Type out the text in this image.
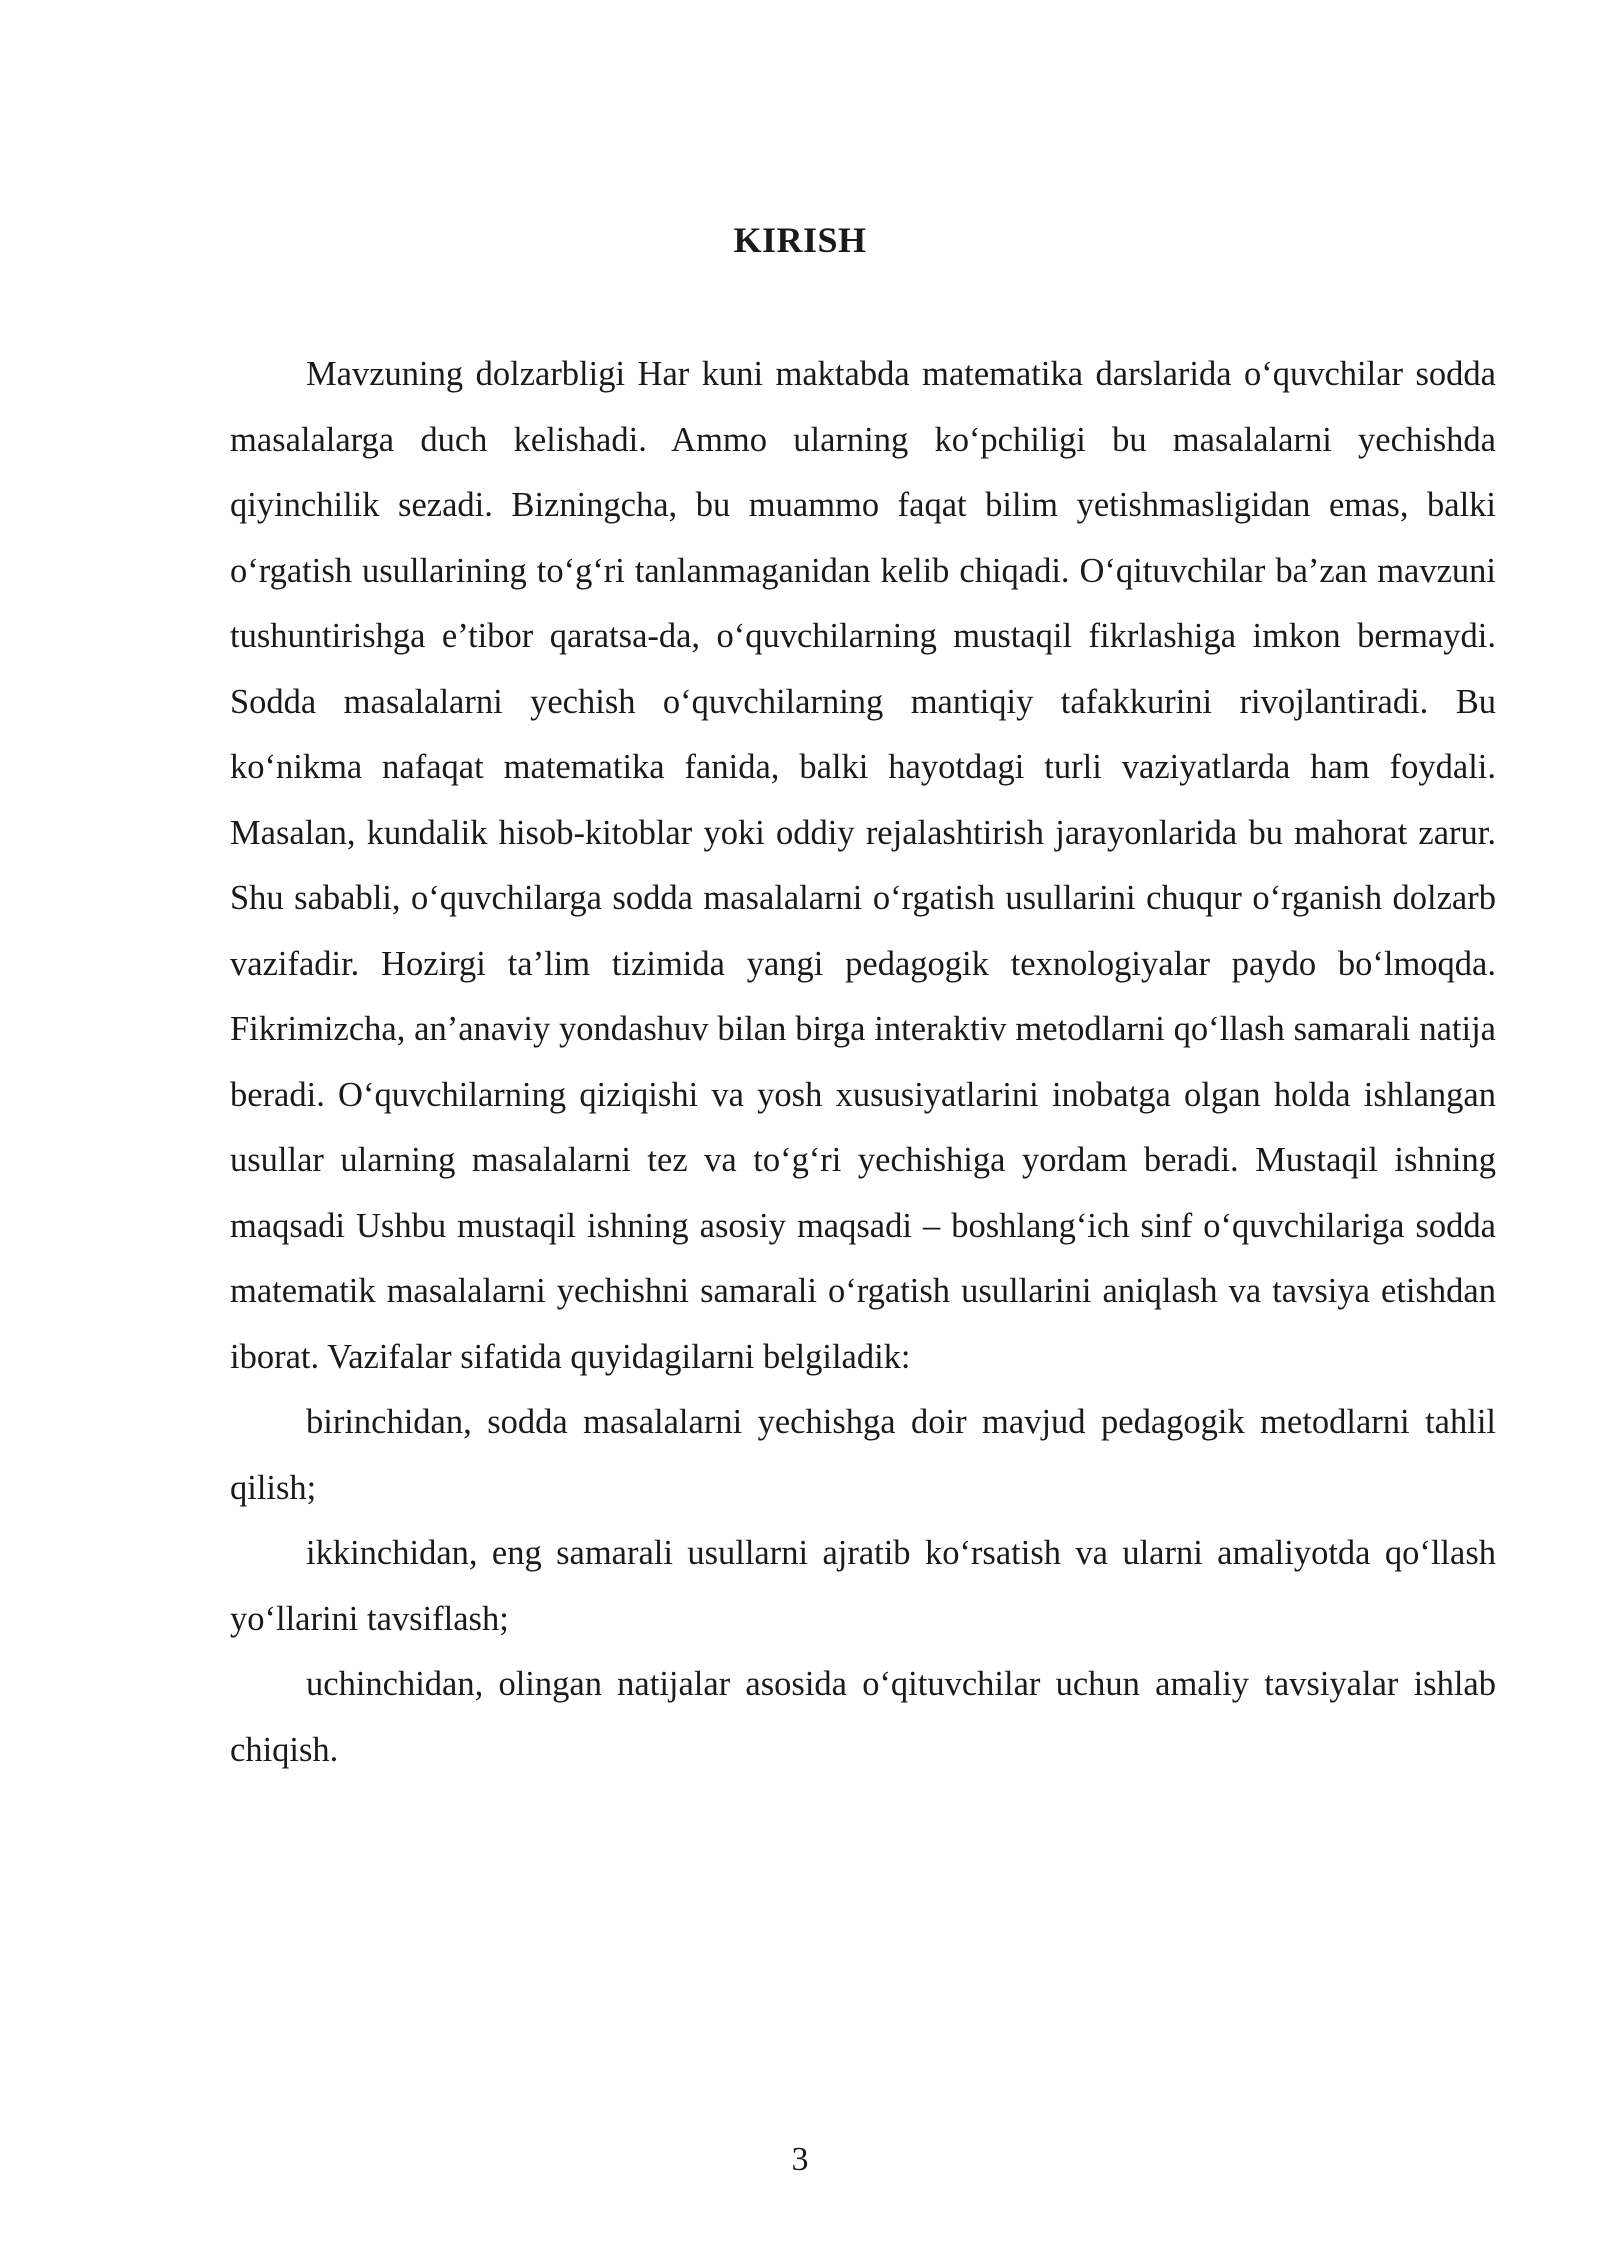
KIRISH

Mavzuning dolzarbligi Har kuni maktabda matematika darslarida o‘quvchilar sodda masalalarga duch kelishadi. Ammo ularning ko‘pchiligi bu masalalarni yechishda qiyinchilik sezadi. Bizningcha, bu muammo faqat bilim yetishmasligidan emas, balki o‘rgatish usullarining to‘g‘ri tanlanmaganidan kelib chiqadi. O‘qituvchilar ba’zan mavzuni tushuntirishga e’tibor qaratsa-da, o‘quvchilarning mustaqil fikrlashiga imkon bermaydi. Sodda masalalarni yechish o‘quvchilarning mantiqiy tafakkurini rivojlantiradi. Bu ko‘nikma nafaqat matematika fanida, balki hayotdagi turli vaziyatlarda ham foydali. Masalan, kundalik hisob-kitoblar yoki oddiy rejalashtirish jarayonlarida bu mahorat zarur. Shu sababli, o‘quvchilarga sodda masalalarni o‘rgatish usullarini chuqur o‘rganish dolzarb vazifadir. Hozirgi ta’lim tizimida yangi pedagogik texnologiyalar paydo bo‘lmoqda. Fikrimizcha, an’anaviy yondashuv bilan birga interaktiv metodlarni qo‘llash samarali natija beradi. O‘quvchilarning qiziqishi va yosh xususiyatlarini inobatga olgan holda ishlangan usullar ularning masalalarni tez va to‘g‘ri yechishiga yordam beradi. Mustaqil ishning maqsadi Ushbu mustaqil ishning asosiy maqsadi – boshlang‘ich sinf o‘quvchilariga sodda matematik masalalarni yechishni samarali o‘rgatish usullarini aniqlash va tavsiya etishdan iborat. Vazifalar sifatida quyidagilarni belgiladik:

birinchidan, sodda masalalarni yechishga doir mavjud pedagogik metodlarni tahlil qilish;

ikkinchidan, eng samarali usullarni ajratib ko‘rsatish va ularni amaliyotda qo‘llash yo‘llarini tavsiflash;

uchinchidan, olingan natijalar asosida o‘qituvchilar uchun amaliy tavsiyalar ishlab chiqish.

3
